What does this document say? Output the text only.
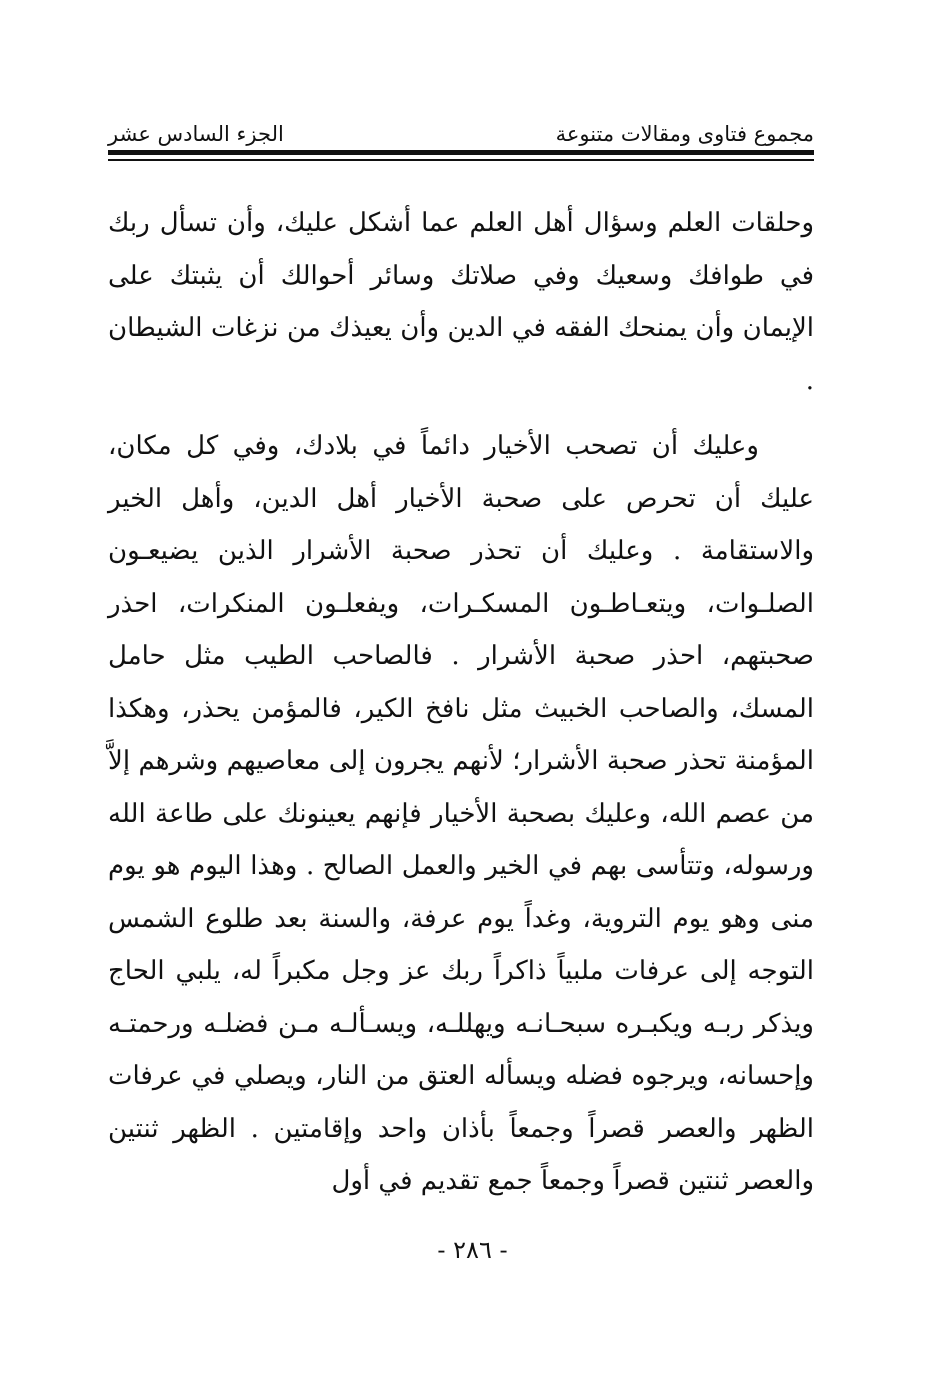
مجموع فتاوى ومقالات متنوعة
الجزء السادس عشر

وحلقات العلم وسؤال أهل العلم عما أشكل عليك، وأن تسأل ربك في طوافك وسعيك وفي صلاتك وسائر أحوالك أن يثبتك على الإيمان وأن يمنحك الفقه في الدين وأن يعيذك من نزغات الشيطان .

وعليك أن تصحب الأخيار دائماً في بلادك، وفي كل مكان، عليك أن تحرص على صحبة الأخيار أهل الدين، وأهل الخير والاستقامة . وعليك أن تحذر صحبة الأشرار الذين يضيعـون الصلـوات، ويتعـاطـون المسكـرات، ويفعلـون المنكرات، احذر صحبتهم، احذر صحبة الأشرار . فالصاحب الطيب مثل حامل المسك، والصاحب الخبيث مثل نافخ الكير، فالمؤمن يحذر، وهكذا المؤمنة تحذر صحبة الأشرار؛ لأنهم يجرون إلى معاصيهم وشرهم إلاَّ من عصم الله، وعليك بصحبة الأخيار فإنهم يعينونك على طاعة الله ورسوله، وتتأسى بهم في الخير والعمل الصالح . وهذا اليوم هو يوم منى وهو يوم التروية، وغداً يوم عرفة، والسنة بعد طلوع الشمس التوجه إلى عرفات ملبياً ذاكراً ربك عز وجل مكبراً له، يلبي الحاج ويذكر ربـه ويكبـره سبحـانـه ويهللـه، ويسـألـه مـن فضلـه ورحمتـه وإحسانه، ويرجوه فضله ويسأله العتق من النار، ويصلي في عرفات الظهر والعصر قصراً وجمعاً بأذان واحد وإقامتين . الظهر ثنتين والعصر ثنتين قصراً وجمعاً جمع تقديم في أول

- ٢٨٦ -
